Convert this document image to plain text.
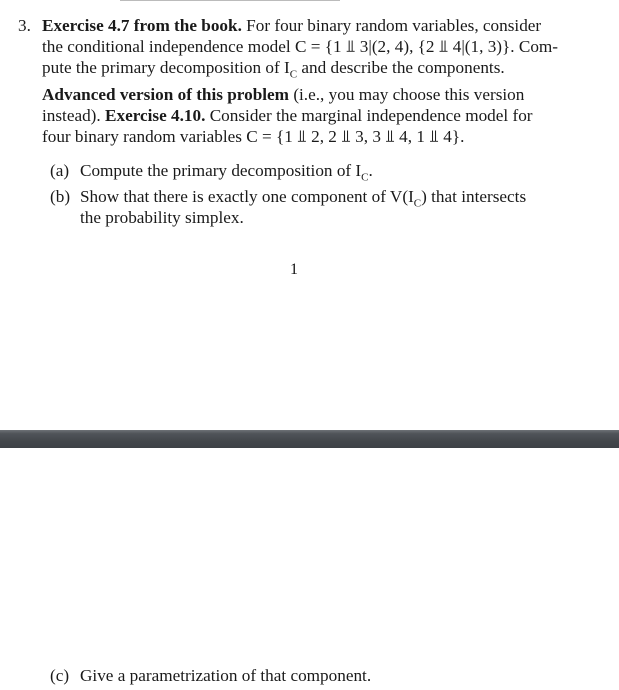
3. Exercise 4.7 from the book. For four binary random variables, consider
the conditional independence model C = {1 ⫫ 3|(2, 4), {2 ⫫ 4|(1, 3)}. Com-
pute the primary decomposition of $I_C$ and describe the components.
Advanced version of this problem (i.e., you may choose this version
instead). Exercise 4.10. Consider the marginal independence model for
four binary random variables C = {1 ⫫ 2, 2 ⫫ 3, 3 ⫫ 4, 1 ⫫ 4}.
(a) Compute the primary decomposition of $I_C$.
(b) Show that there is exactly one component of $V(I_C)$ that intersects
the probability simplex.
1
(c) Give a parametrization of that component.
